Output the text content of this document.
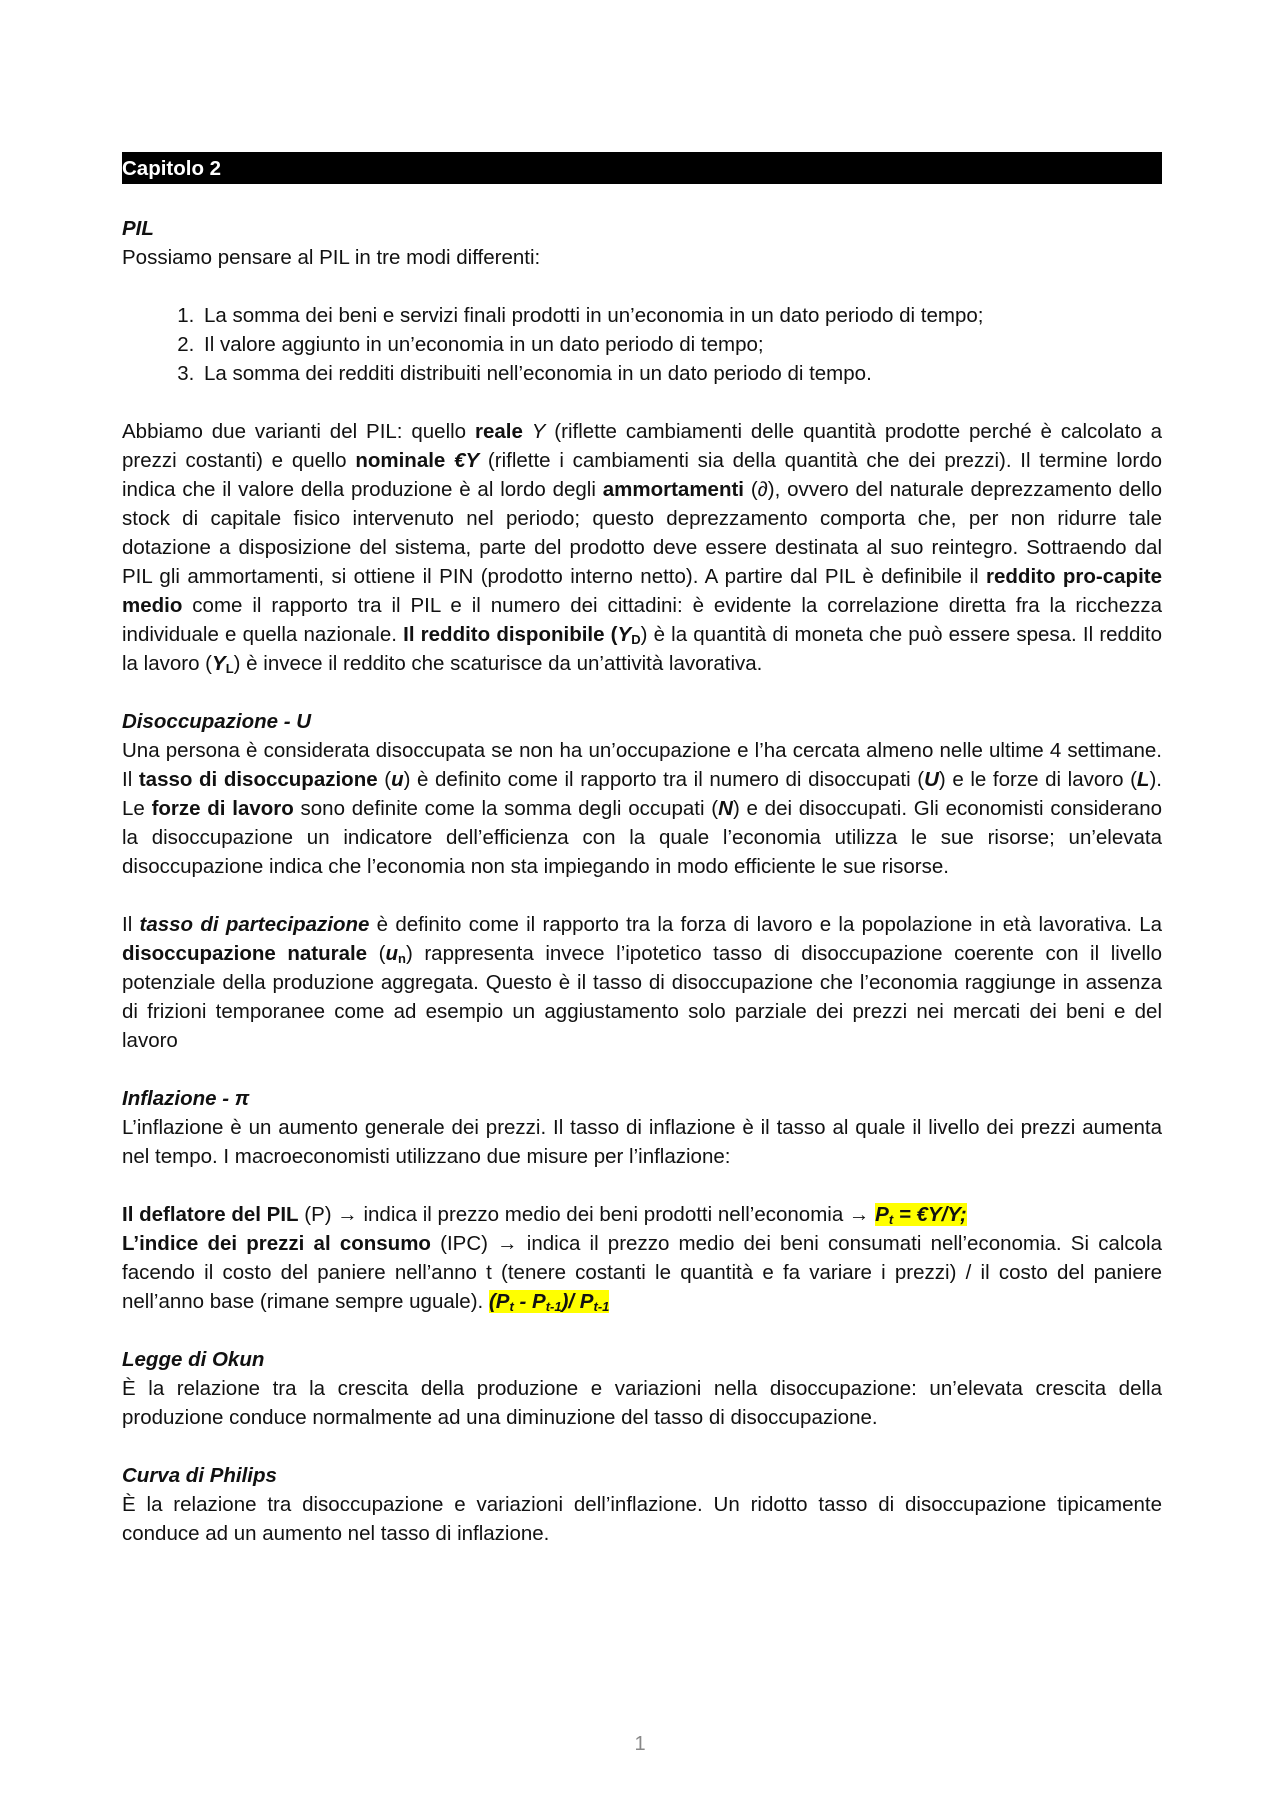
Capitolo 2

PIL

Possiamo pensare al PIL in tre modi differenti:

1. La somma dei beni e servizi finali prodotti in un’economia in un dato periodo di tempo;
2. Il valore aggiunto in un’economia in un dato periodo di tempo;
3. La somma dei redditi distribuiti nell’economia in un dato periodo di tempo.

Abbiamo due varianti del PIL: quello reale Y (riflette cambiamenti delle quantità prodotte perché è calcolato a prezzi costanti) e quello nominale €Y (riflette i cambiamenti sia della quantità che dei prezzi). Il termine lordo indica che il valore della produzione è al lordo degli ammortamenti (∂), ovvero del naturale deprezzamento dello stock di capitale fisico intervenuto nel periodo; questo deprezzamento comporta che, per non ridurre tale dotazione a disposizione del sistema, parte del prodotto deve essere destinata al suo reintegro. Sottraendo dal PIL gli ammortamenti, si ottiene il PIN (prodotto interno netto). A partire dal PIL è definibile il reddito pro-capite medio come il rapporto tra il PIL e il numero dei cittadini: è evidente la correlazione diretta fra la ricchezza individuale e quella nazionale. Il reddito disponibile $(Y_D)$ è la quantità di moneta che può essere spesa. Il reddito la lavoro $(Y_L)$ è invece il reddito che scaturisce da un’attività lavorativa.

Disoccupazione - U

Una persona è considerata disoccupata se non ha un’occupazione e l’ha cercata almeno nelle ultime 4 settimane. Il tasso di disoccupazione (u) è definito come il rapporto tra il numero di disoccupati (U) e le forze di lavoro (L). Le forze di lavoro sono definite come la somma degli occupati (N) e dei disoccupati. Gli economisti considerano la disoccupazione un indicatore dell’efficienza con la quale l’economia utilizza le sue risorse; un’elevata disoccupazione indica che l’economia non sta impiegando in modo efficiente le sue risorse.

Il tasso di partecipazione è definito come il rapporto tra la forza di lavoro e la popolazione in età lavorativa. La disoccupazione naturale $(u_n)$ rappresenta invece l’ipotetico tasso di disoccupazione coerente con il livello potenziale della produzione aggregata. Questo è il tasso di disoccupazione che l’economia raggiunge in assenza di frizioni temporanee come ad esempio un aggiustamento solo parziale dei prezzi nei mercati dei beni e del lavoro

Inflazione - π

L’inflazione è un aumento generale dei prezzi. Il tasso di inflazione è il tasso al quale il livello dei prezzi aumenta nel tempo. I macroeconomisti utilizzano due misure per l’inflazione:

Il deflatore del PIL (P) → indica il prezzo medio dei beni prodotti nell’economia → $P_t$ = €Y/Y;

L’indice dei prezzi al consumo (IPC) → indica il prezzo medio dei beni consumati nell’economia. Si calcola facendo il costo del paniere nell’anno t (tenere costanti le quantità e fa variare i prezzi) / il costo del paniere nell’anno base (rimane sempre uguale). $(P_t - P_{t-1})/$ $P_{t-1}$

Legge di Okun

È la relazione tra la crescita della produzione e variazioni nella disoccupazione: un’elevata crescita della produzione conduce normalmente ad una diminuzione del tasso di disoccupazione.

Curva di Philips

È la relazione tra disoccupazione e variazioni dell’inflazione. Un ridotto tasso di disoccupazione tipicamente conduce ad un aumento nel tasso di inflazione.

1
